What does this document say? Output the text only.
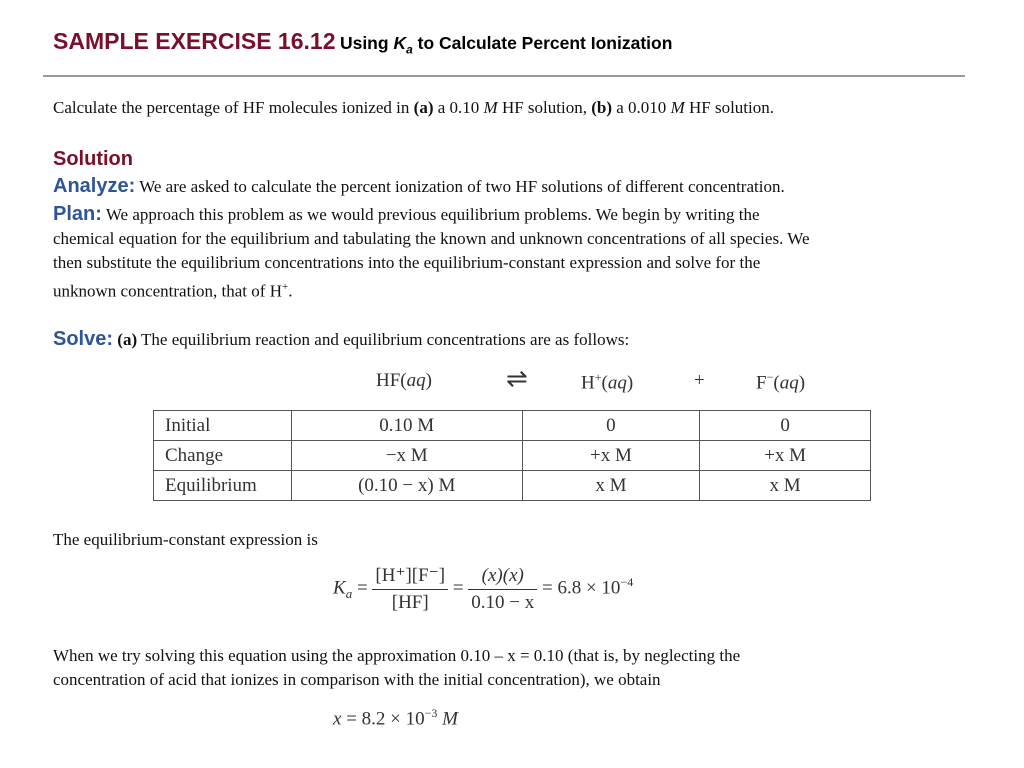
SAMPLE EXERCISE 16.12 Using $K_a$ to Calculate Percent Ionization
Calculate the percentage of HF molecules ionized in (a) a 0.10 M HF solution, (b) a 0.010 M HF solution.
Solution
Analyze: We are asked to calculate the percent ionization of two HF solutions of different concentration.
Plan: We approach this problem as we would previous equilibrium problems. We begin by writing the
chemical equation for the equilibrium and tabulating the known and unknown concentrations of all species. We
then substitute the equilibrium concentrations into the equilibrium-constant expression and solve for the
unknown concentration, that of H+.
Solve: (a) The equilibrium reaction and equilibrium concentrations are as follows:
HF(aq)	⇌	H+(aq)	+	F−(aq)
Initial	0.10 M	0	0
Change	−x M	+x M	+x M
Equilibrium	(0.10 − x) M	x M	x M
The equilibrium-constant expression is
$K_a = \frac{[H^+][F^-]}{[HF]} = \frac{(x)(x)}{0.10 - x} = 6.8 \times 10^{-4}$
When we try solving this equation using the approximation 0.10 – x = 0.10 (that is, by neglecting the
concentration of acid that ionizes in comparison with the initial concentration), we obtain
$x = 8.2 \times 10^{-3}$ M
